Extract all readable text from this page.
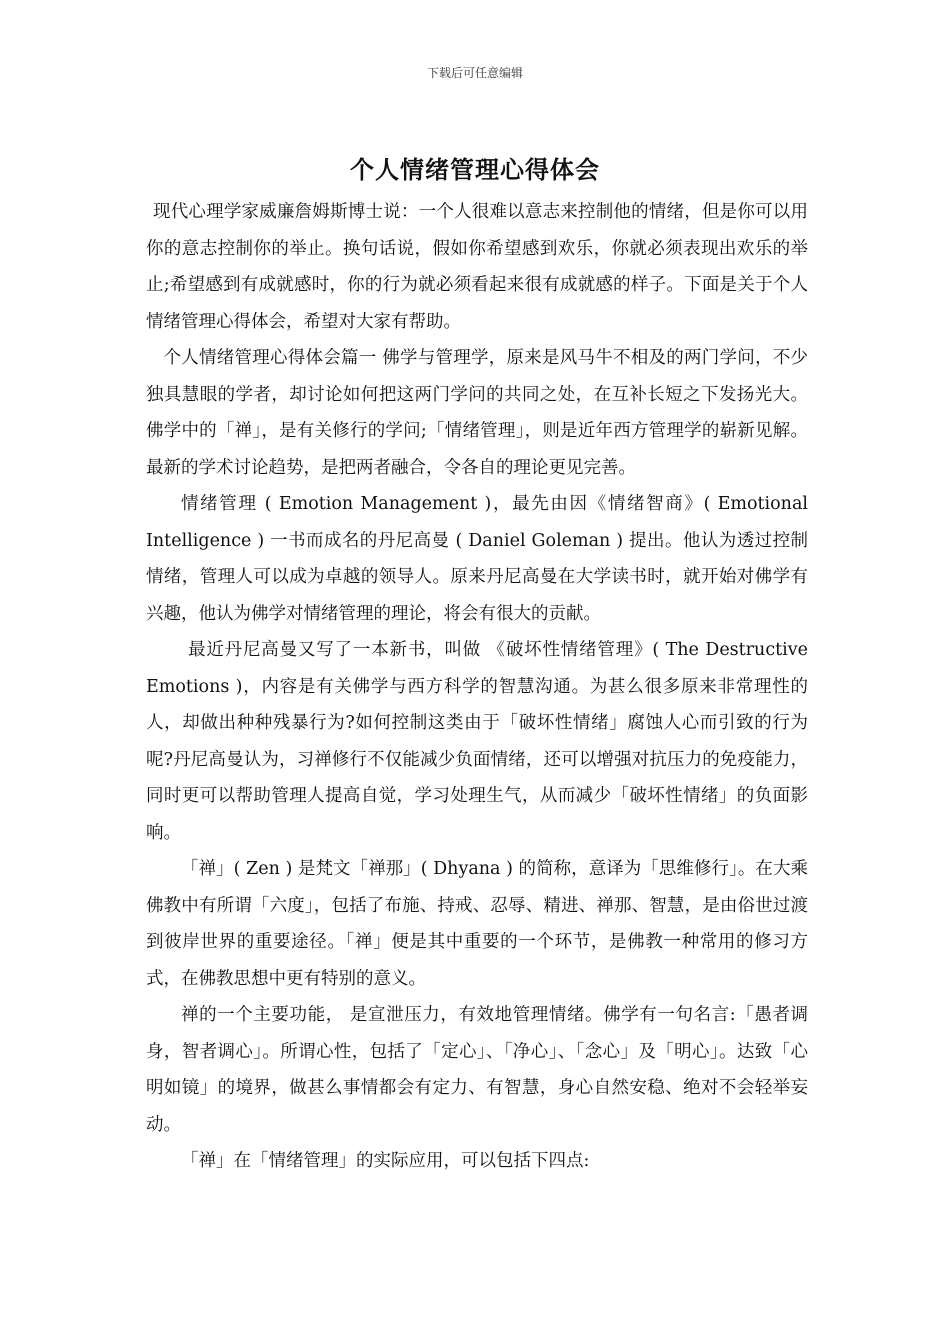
下载后可任意编辑
个人情绪管理心得体会

现代心理学家威廉詹姆斯博士说：一个人很难以意志来控制他的情绪，但是你可以用你的意志控制你的举止。换句话说，假如你希望感到欢乐，你就必须表现出欢乐的举止;希望感到有成就感时，你的行为就必须看起来很有成就感的样子。下面是关于个人情绪管理心得体会，希望对大家有帮助。

个人情绪管理心得体会篇一 佛学与管理学，原来是风马牛不相及的两门学问，不少独具慧眼的学者，却讨论如何把这两门学问的共同之处，在互补长短之下发扬光大。佛学中的「禅」，是有关修行的学问;「情绪管理」，则是近年西方管理学的崭新见解。最新的学术讨论趋势，是把两者融合，令各自的理论更见完善。

情绪管理 ( Emotion Management )，最先由因《情绪智商》( Emotional Intelligence ) 一书而成名的丹尼高曼 ( Daniel Goleman ) 提出。他认为透过控制情绪，管理人可以成为卓越的领导人。原来丹尼高曼在大学读书时，就开始对佛学有兴趣，他认为佛学对情绪管理的理论，将会有很大的贡献。

最近丹尼高曼又写了一本新书，叫做 《破坏性情绪管理》( The Destructive Emotions )，内容是有关佛学与西方科学的智慧沟通。为甚么很多原来非常理性的人，却做出种种残暴行为?如何控制这类由于「破坏性情绪」腐蚀人心而引致的行为呢?丹尼高曼认为，习禅修行不仅能减少负面情绪，还可以增强对抗压力的免疫能力，同时更可以帮助管理人提高自觉，学习处理生气，从而减少「破坏性情绪」的负面影响。

「禅」( Zen ) 是梵文「禅那」( Dhyana ) 的简称，意译为「思维修行」。在大乘佛教中有所谓「六度」，包括了布施、持戒、忍辱、精进、禅那、智慧，是由俗世过渡到彼岸世界的重要途径。「禅」便是其中重要的一个环节，是佛教一种常用的修习方式，在佛教思想中更有特别的意义。

禅的一个主要功能， 是宣泄压力，有效地管理情绪。佛学有一句名言:「愚者调身，智者调心」。所谓心性，包括了「定心」、「净心」、「念心」及「明心」。达致「心明如镜」的境界，做甚么事情都会有定力、有智慧，身心自然安稳、绝对不会轻举妄动。

「禅」在「情绪管理」的实际应用，可以包括下四点:
